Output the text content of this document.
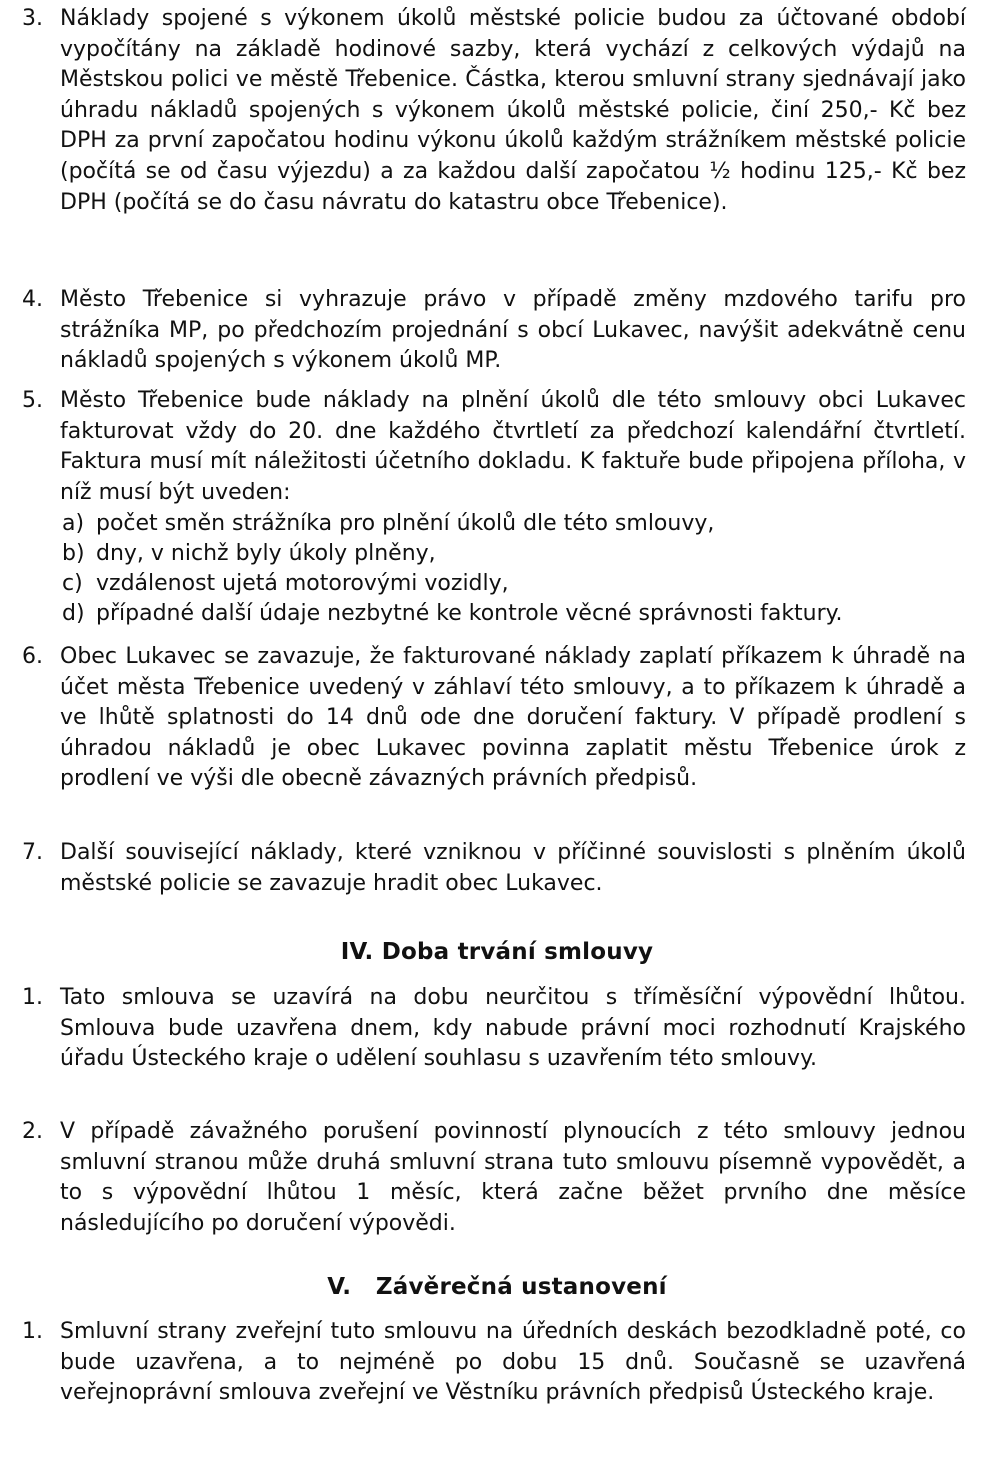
3. Náklady spojené s výkonem úkolů městské policie budou za účtované období vypočítány na základě hodinové sazby, která vychází z celkových výdajů na Městskou polici ve městě Třebenice. Částka, kterou smluvní strany sjednávají jako úhradu nákladů spojených s výkonem úkolů městské policie, činí 250,- Kč bez DPH za první započatou hodinu výkonu úkolů každým strážníkem městské policie (počítá se od času výjezdu) a za každou další započatou ½ hodinu 125,- Kč bez DPH (počítá se do času návratu do katastru obce Třebenice).
4. Město Třebenice si vyhrazuje právo v případě změny mzdového tarifu pro strážníka MP, po předchozím projednání s obcí Lukavec, navýšit adekvátně cenu nákladů spojených s výkonem úkolů MP.
5. Město Třebenice bude náklady na plnění úkolů dle této smlouvy obci Lukavec fakturovat vždy do 20. dne každého čtvrtletí za předchozí kalendářní čtvrtletí. Faktura musí mít náležitosti účetního dokladu. K faktuře bude připojena příloha, v níž musí být uveden:
a) počet směn strážníka pro plnění úkolů dle této smlouvy,
b) dny, v nichž byly úkoly plněny,
c) vzdálenost ujetá motorovými vozidly,
d) případné další údaje nezbytné ke kontrole věcné správnosti faktury.
6. Obec Lukavec se zavazuje, že fakturované náklady zaplatí příkazem k úhradě na účet města Třebenice uvedený v záhlaví této smlouvy, a to příkazem k úhradě a ve lhůtě splatnosti do 14 dnů ode dne doručení faktury. V případě prodlení s úhradou nákladů je obec Lukavec povinna zaplatit městu Třebenice úrok z prodlení ve výši dle obecně závazných právních předpisů.
7. Další související náklady, které vzniknou v příčinné souvislosti s plněním úkolů městské policie se zavazuje hradit obec Lukavec.
IV. Doba trvání smlouvy
1. Tato smlouva se uzavírá na dobu neurčitou s tříměsíční výpovědní lhůtou. Smlouva bude uzavřena dnem, kdy nabude právní moci rozhodnutí Krajského úřadu Ústeckého kraje o udělení souhlasu s uzavřením této smlouvy.
2. V případě závažného porušení povinností plynoucích z této smlouvy jednou smluvní stranou může druhá smluvní strana tuto smlouvu písemně vypovědět, a to s výpovědní lhůtou 1 měsíc, která začne běžet prvního dne měsíce následujícího po doručení výpovědi.
V.   Závěrečná ustanovení
1. Smluvní strany zveřejní tuto smlouvu na úředních deskách bezodkladně poté, co bude uzavřena, a to nejméně po dobu 15 dnů. Současně se uzavřená veřejnoprávní smlouva zveřejní ve Věstníku právních předpisů Ústeckého kraje.
